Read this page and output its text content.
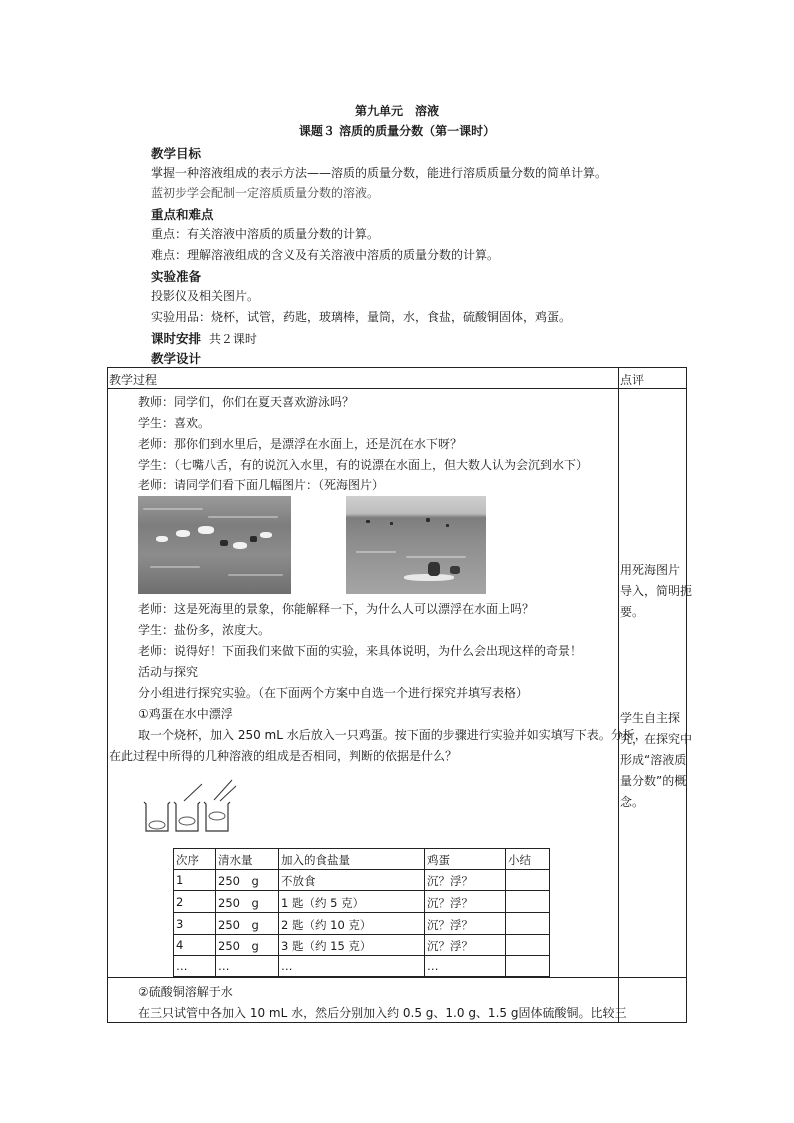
第九单元　溶液
课题３ 溶质的质量分数（第一课时）
教学目标
掌握一种溶液组成的表示方法——溶质的质量分数，能进行溶质质量分数的简单计算。
蓝初步学会配制一定溶质质量分数的溶液。
重点和难点
重点：有关溶液中溶质的质量分数的计算。
难点：理解溶液组成的含义及有关溶液中溶质的质量分数的计算。
实验准备
投影仪及相关图片。
实验用品：烧杯，试管，药匙，玻璃棒，量筒，水，食盐，硫酸铜固体，鸡蛋。
课时安排 共２课时
教学设计
教学过程	点评
教师：同学们，你们在夏天喜欢游泳吗？
学生：喜欢。
老师：那你们到水里后，是漂浮在水面上，还是沉在水下呀？
学生：（七嘴八舌，有的说沉入水里，有的说漂在水面上，但大数人认为会沉到水下）
老师：请同学们看下面几幅图片：（死海图片）
用死海图片
导入，简明扼
要。
老师：这是死海里的景象，你能解释一下，为什么人可以漂浮在水面上吗？
学生：盐份多，浓度大。
老师：说得好！下面我们来做下面的实验，来具体说明，为什么会出现这样的奇景！
活动与探究
分小组进行探究实验。（在下面两个方案中自选一个进行探究并填写表格）
①鸡蛋在水中漂浮
取一个烧杯，加入 250 mL 水后放入一只鸡蛋。按下面的步骤进行实验并如实填写下表。分析，
在此过程中所得的几种溶液的组成是否相同，判断的依据是什么？
学生自主探
究，在探究中
形成“溶液质
量分数”的概
念。
次序 清水量 加入的食盐量	鸡蛋	小结
1	250　g 不放食	沉？浮？
2	250　g 1 匙（约 5 克）	沉？浮？
3	250　g 2 匙（约 10 克）	沉？浮？
4	250　g 3 匙（约 15 克）	沉？浮？
…	…	…	…
②硫酸铜溶解于水
在三只试管中各加入 10 mL 水，然后分别加入约 0.5 g、1.0 g、1.5 g固体硫酸铜。比较三
